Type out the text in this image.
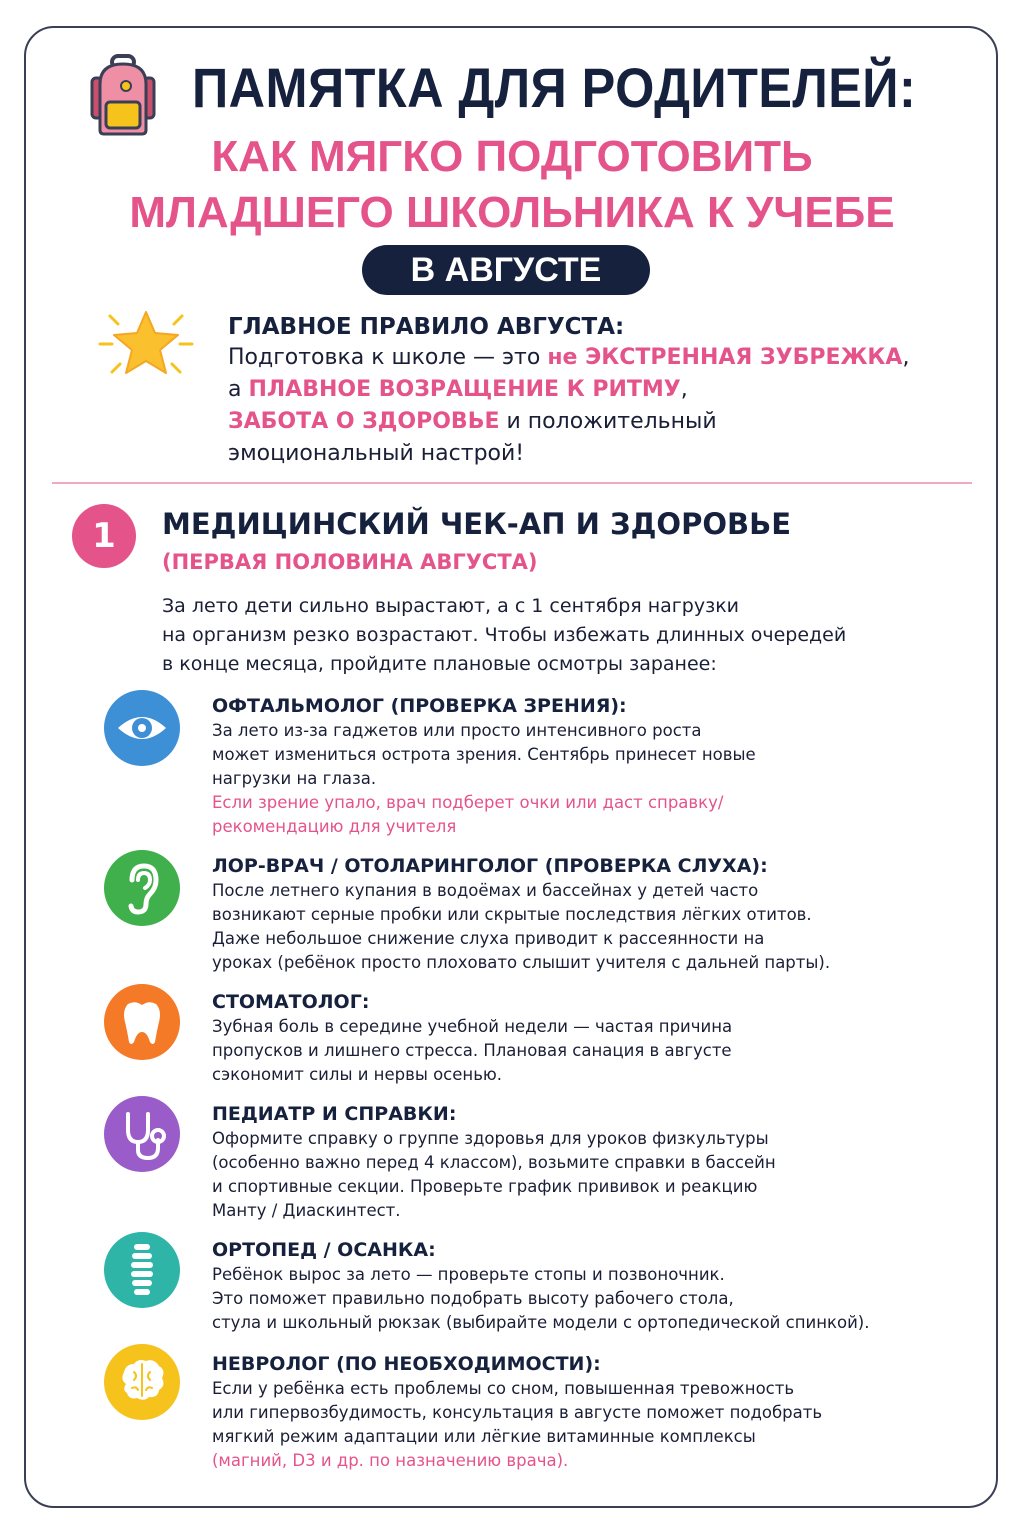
ПАМЯТКА ДЛЯ РОДИТЕЛЕЙ:
КАК МЯГКО ПОДГОТОВИТЬ
МЛАДШЕГО ШКОЛЬНИКА К УЧЕБЕ
В АВГУСТЕ
ГЛАВНОЕ ПРАВИЛО АВГУСТА:
Подготовка к школе — это не ЭКСТРЕННАЯ ЗУБРЕЖКА,
а ПЛАВНОЕ ВОЗРАЩЕНИЕ К РИТМУ,
ЗАБОТА О ЗДОРОВЬЕ и положительный
эмоциональный настрой!
1	МЕДИЦИНСКИЙ ЧЕК-АП И ЗДОРОВЬЕ
(ПЕРВАЯ ПОЛОВИНА АВГУСТА)
За лето дети сильно вырастают, а с 1 сентября нагрузки
на организм резко возрастают. Чтобы избежать длинных очередей
в конце месяца, пройдите плановые осмотры заранее:
ОФТАЛЬМОЛОГ (ПРОВЕРКА ЗРЕНИЯ):
За лето из-за гаджетов или просто интенсивного роста
может измениться острота зрения. Сентябрь принесет новые
нагрузки на глаза.
Если зрение упало, врач подберет очки или даст справку/
рекомендацию для учителя
ЛОР-ВРАЧ / ОТОЛАРИНГОЛОГ (ПРОВЕРКА СЛУХА):
После летнего купания в водоёмах и бассейнах у детей часто
возникают серные пробки или скрытые последствия лёгких отитов.
Даже небольшое снижение слуха приводит к рассеянности на
уроках (ребёнок просто плоховато слышит учителя с дальней парты).
СТОМАТОЛОГ:
Зубная боль в середине учебной недели — частая причина
пропусков и лишнего стресса. Плановая санация в августе
сэкономит силы и нервы осенью.
ПЕДИАТР И СПРАВКИ:
Оформите справку о группе здоровья для уроков физкультуры
(особенно важно перед 4 классом), возьмите справки в бассейн
и спортивные секции. Проверьте график прививок и реакцию
Манту / Диаскинтест.
ОРТОПЕД / ОСАНКА:
Ребёнок вырос за лето — проверьте стопы и позвоночник.
Это поможет правильно подобрать высоту рабочего стола,
стула и школьный рюкзак (выбирайте модели с ортопедической спинкой).
НЕВРОЛОГ (ПО НЕОБХОДИМОСТИ):
Если у ребёнка есть проблемы со сном, повышенная тревожность
или гипервозбудимость, консультация в августе поможет подобрать
мягкий режим адаптации или лёгкие витаминные комплексы
(магний, D3 и др. по назначению врача).
